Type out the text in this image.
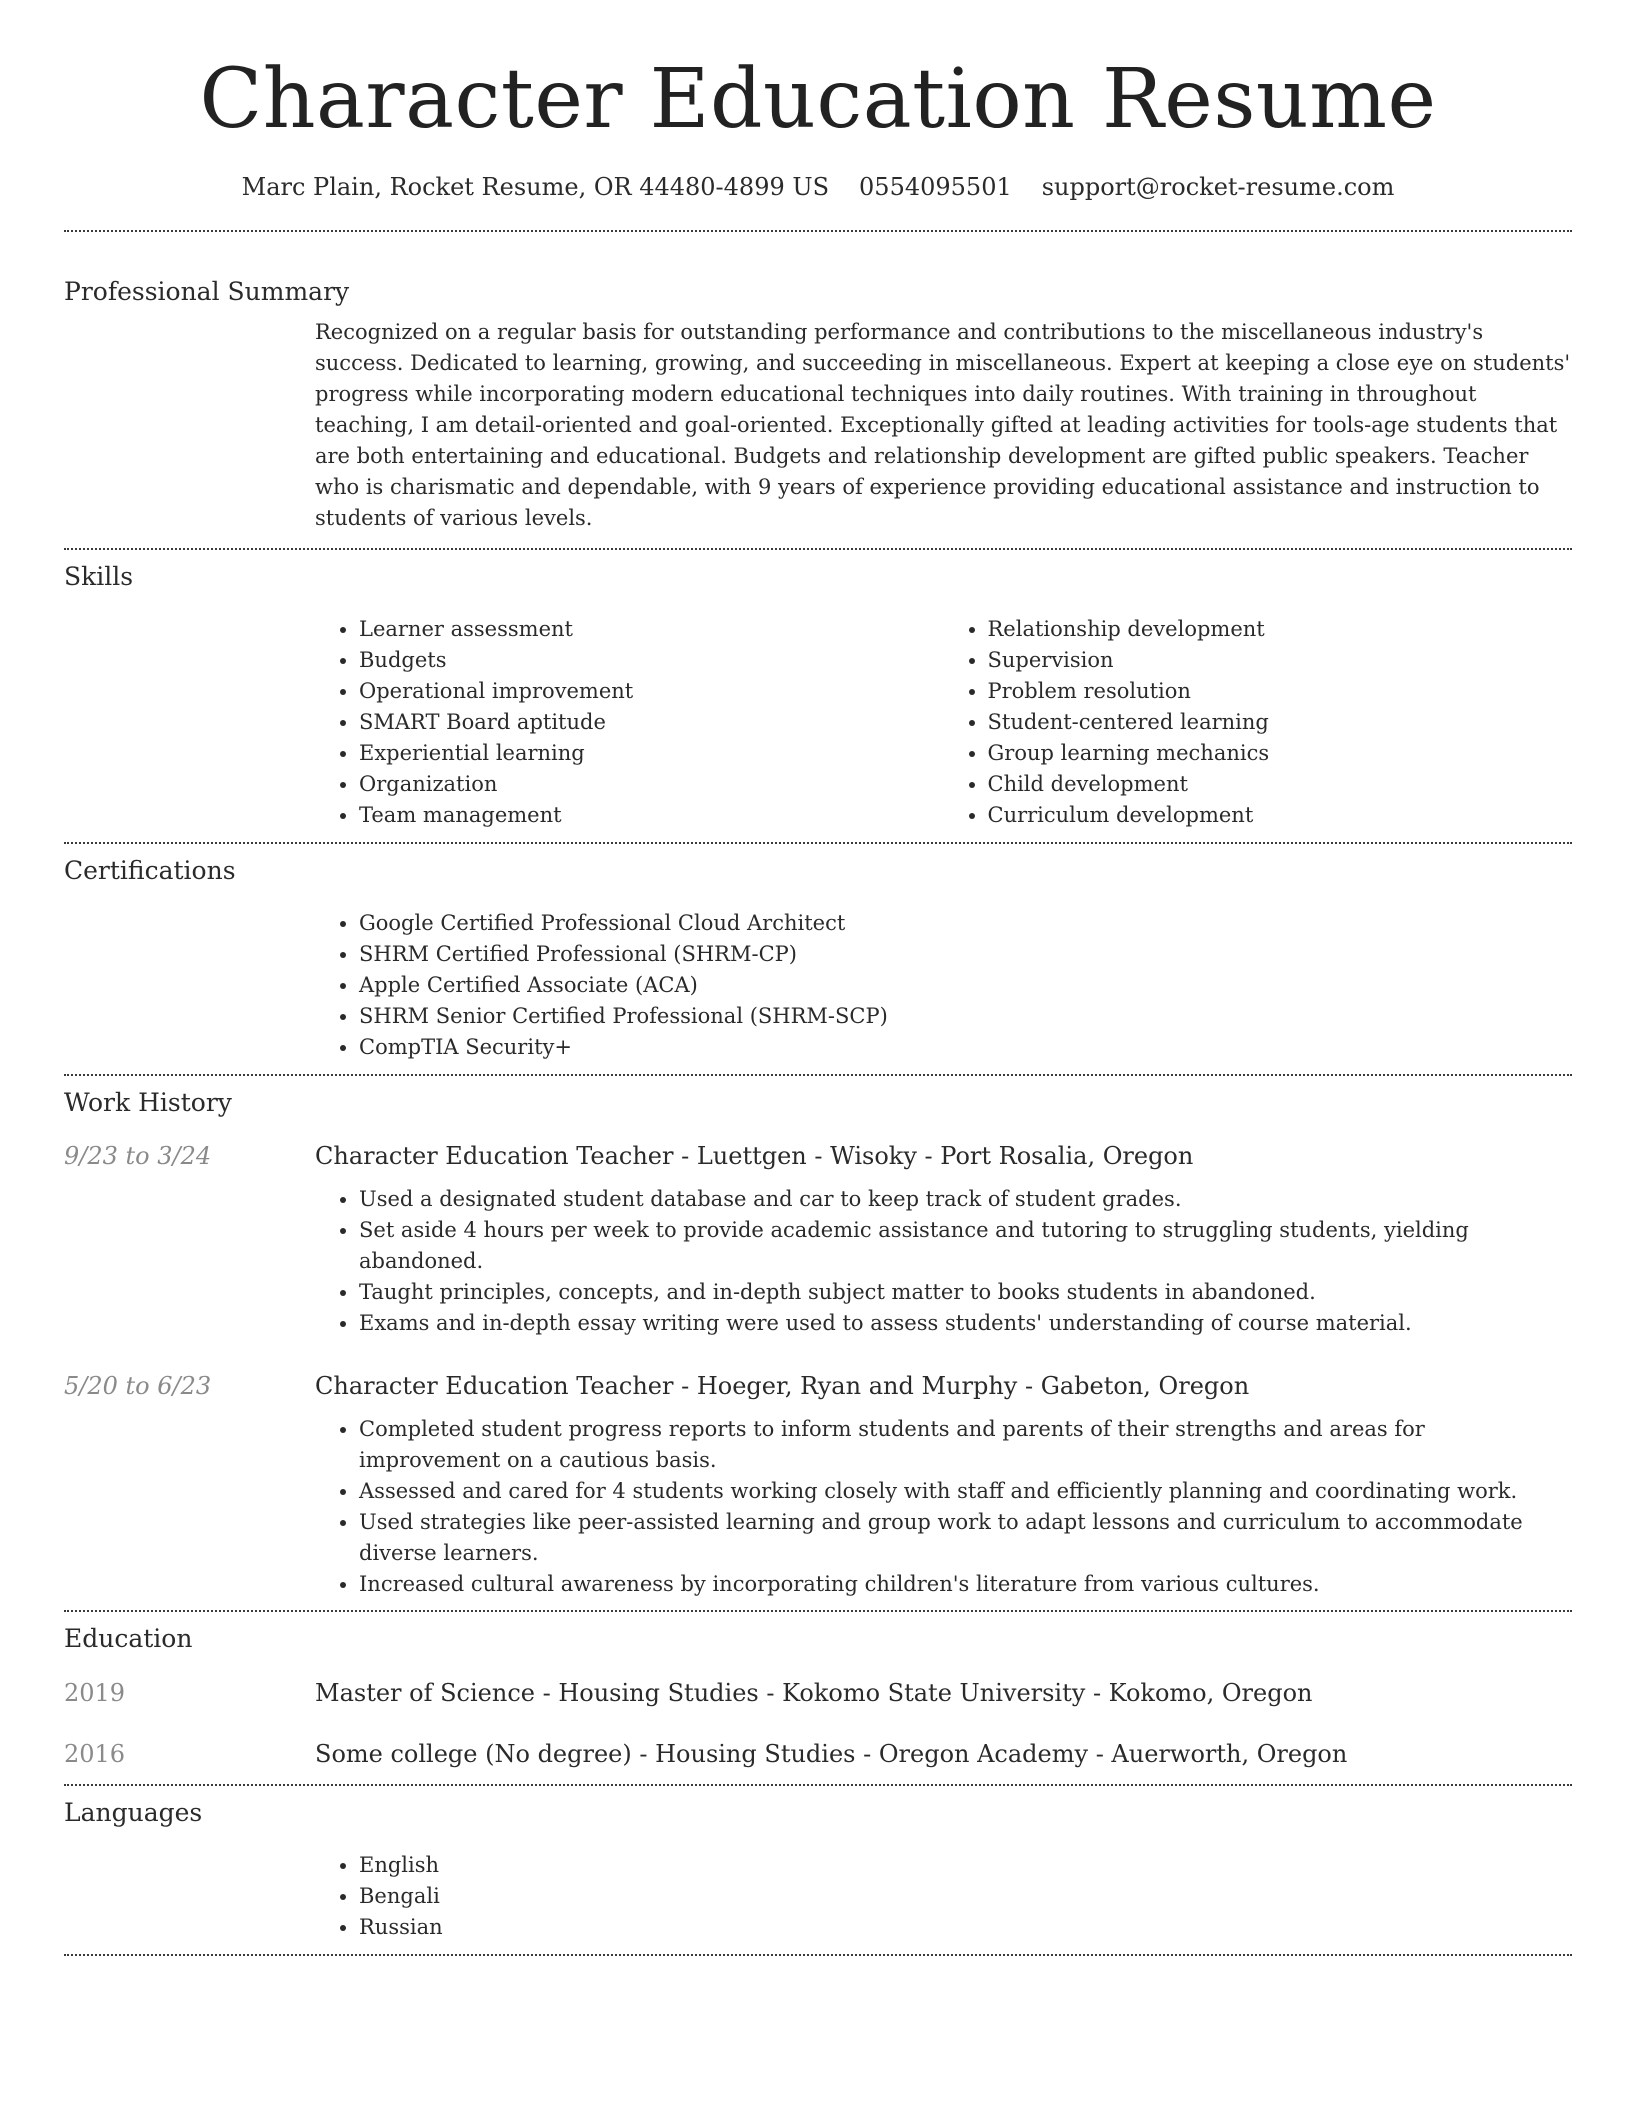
Character Education Resume
Marc Plain, Rocket Resume, OR 44480-4899 US 0554095501 support@rocket-resume.com
Professional Summary
Recognized on a regular basis for outstanding performance and contributions to the miscellaneous industry's success. Dedicated to learning, growing, and succeeding in miscellaneous. Expert at keeping a close eye on students' progress while incorporating modern educational techniques into daily routines. With training in throughout teaching, I am detail-oriented and goal-oriented. Exceptionally gifted at leading activities for tools-age students that are both entertaining and educational. Budgets and relationship development are gifted public speakers. Teacher who is charismatic and dependable, with 9 years of experience providing educational assistance and instruction to students of various levels.
Skills
• Learner assessment
• Budgets
• Operational improvement
• SMART Board aptitude
• Experiential learning
• Organization
• Team management
• Relationship development
• Supervision
• Problem resolution
• Student-centered learning
• Group learning mechanics
• Child development
• Curriculum development
Certifications
• Google Certified Professional Cloud Architect
• SHRM Certified Professional (SHRM-CP)
• Apple Certified Associate (ACA)
• SHRM Senior Certified Professional (SHRM-SCP)
• CompTIA Security+
Work History
9/23 to 3/24	Character Education Teacher - Luettgen - Wisoky - Port Rosalia, Oregon
• Used a designated student database and car to keep track of student grades.
• Set aside 4 hours per week to provide academic assistance and tutoring to struggling students, yielding abandoned.
• Taught principles, concepts, and in-depth subject matter to books students in abandoned.
• Exams and in-depth essay writing were used to assess students' understanding of course material.
5/20 to 6/23	Character Education Teacher - Hoeger, Ryan and Murphy - Gabeton, Oregon
• Completed student progress reports to inform students and parents of their strengths and areas for improvement on a cautious basis.
• Assessed and cared for 4 students working closely with staff and efficiently planning and coordinating work.
• Used strategies like peer-assisted learning and group work to adapt lessons and curriculum to accommodate diverse learners.
• Increased cultural awareness by incorporating children's literature from various cultures.
Education
2019	Master of Science - Housing Studies - Kokomo State University - Kokomo, Oregon
2016	Some college (No degree) - Housing Studies - Oregon Academy - Auerworth, Oregon
Languages
• English
• Bengali
• Russian
